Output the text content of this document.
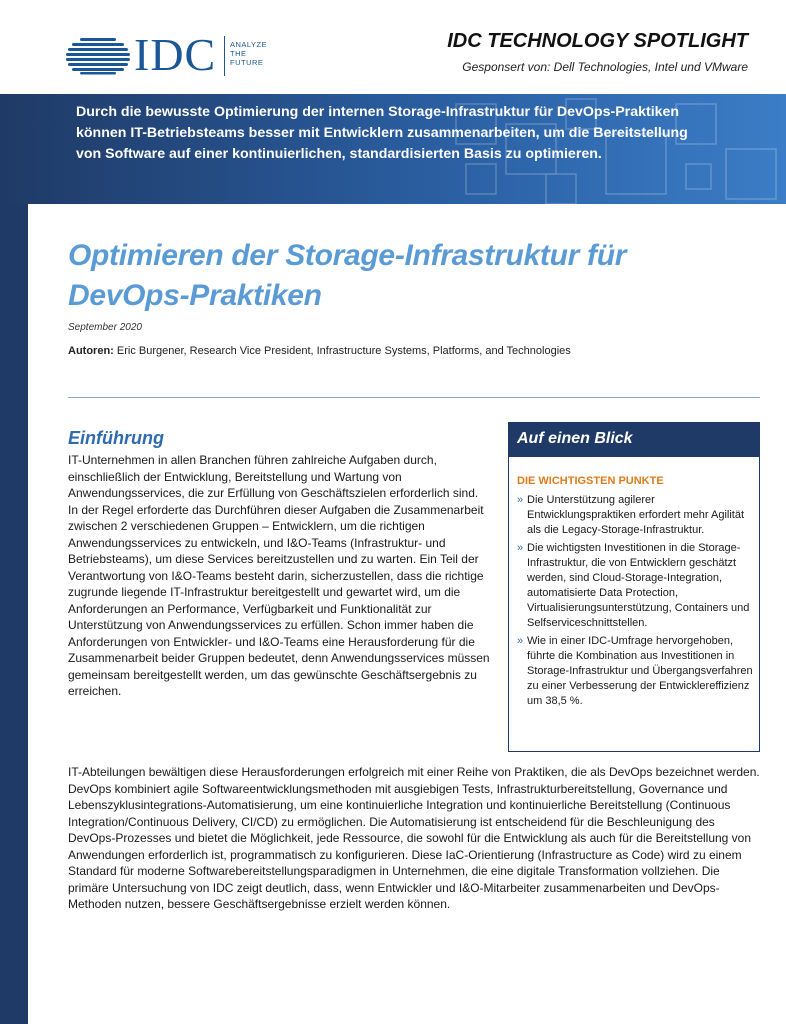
IDC ANALYZE
THE
FUTURE
IDC TECHNOLOGY SPOTLIGHT
Gesponsert von: Dell Technologies, Intel und VMware
Durch die bewusste Optimierung der internen Storage-Infrastruktur für DevOps-Praktiken können IT-Betriebsteams besser mit Entwicklern zusammenarbeiten, um die Bereitstellung von Software auf einer kontinuierlichen, standardisierten Basis zu optimieren.
Optimieren der Storage-Infrastruktur für DevOps-Praktiken
September 2020
Autoren: Eric Burgener, Research Vice President, Infrastructure Systems, Platforms, and Technologies
Einführung

IT-Unternehmen in allen Branchen führen zahlreiche Aufgaben durch, einschließlich der Entwicklung, Bereitstellung und Wartung von Anwendungsservices, die zur Erfüllung von Geschäftszielen erforderlich sind. In der Regel erforderte das Durchführen dieser Aufgaben die Zusammenarbeit zwischen 2 verschiedenen Gruppen – Entwicklern, um die richtigen Anwendungsservices zu entwickeln, und I&O-Teams (Infrastruktur- und Betriebsteams), um diese Services bereitzustellen und zu warten. Ein Teil der Verantwortung von I&O-Teams besteht darin, sicherzustellen, dass die richtige zugrunde liegende IT-Infrastruktur bereitgestellt und gewartet wird, um die Anforderungen an Performance, Verfügbarkeit und Funktionalität zur Unterstützung von Anwendungsservices zu erfüllen. Schon immer haben die Anforderungen von Entwickler- und I&O-Teams eine Herausforderung für die Zusammenarbeit beider Gruppen bedeutet, denn Anwendungsservices müssen gemeinsam bereitgestellt werden, um das gewünschte Geschäftsergebnis zu erreichen.

Auf einen Blick
DIE WICHTIGSTEN PUNKTE
» Die Unterstützung agilerer Entwicklungspraktiken erfordert mehr Agilität als die Legacy-Storage-Infrastruktur.
» Die wichtigsten Investitionen in die Storage-Infrastruktur, die von Entwicklern geschätzt werden, sind Cloud-Storage-Integration, automatisierte Data Protection, Virtualisierungsunterstützung, Containers und Selfserviceschnittstellen.
» Wie in einer IDC-Umfrage hervorgehoben, führte die Kombination aus Investitionen in Storage-Infrastruktur und Übergangsverfahren zu einer Verbesserung der Entwicklereffizienz um 38,5 %.

IT-Abteilungen bewältigen diese Herausforderungen erfolgreich mit einer Reihe von Praktiken, die als DevOps bezeichnet werden. DevOps kombiniert agile Softwareentwicklungsmethoden mit ausgiebigen Tests, Infrastrukturbereitstellung, Governance und Lebenszyklusintegrations-Automatisierung, um eine kontinuierliche Integration und kontinuierliche Bereitstellung (Continuous Integration/Continuous Delivery, CI/CD) zu ermöglichen. Die Automatisierung ist entscheidend für die Beschleunigung des DevOps-Prozesses und bietet die Möglichkeit, jede Ressource, die sowohl für die Entwicklung als auch für die Bereitstellung von Anwendungen erforderlich ist, programmatisch zu konfigurieren. Diese IaC-Orientierung (Infrastructure as Code) wird zu einem Standard für moderne Softwarebereitstellungsparadigmen in Unternehmen, die eine digitale Transformation vollziehen. Die primäre Untersuchung von IDC zeigt deutlich, dass, wenn Entwickler und I&O-Mitarbeiter zusammenarbeiten und DevOps-Methoden nutzen, bessere Geschäftsergebnisse erzielt werden können.
